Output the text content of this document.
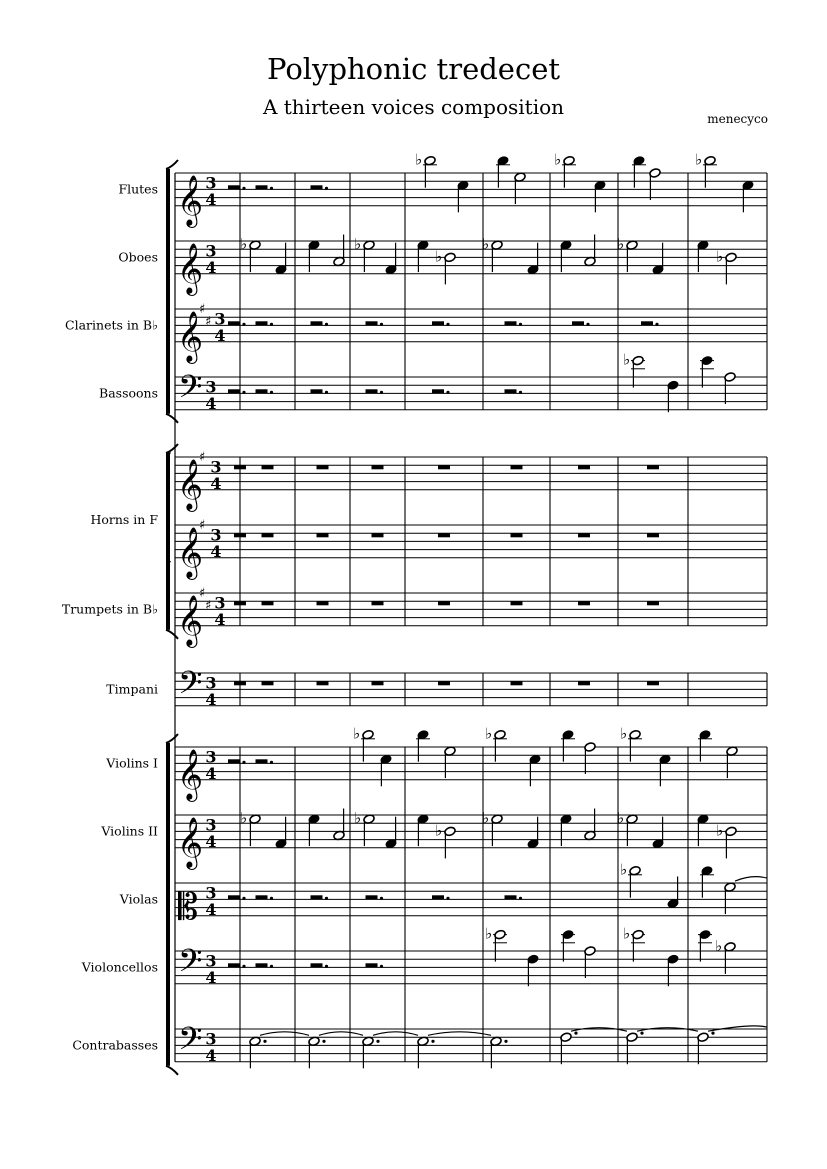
Polyphonic tredecet
A thirteen voices composition	menecyco
Flutes 𝄞 3
4
Oboes 𝄞 3
4
Clarinets in B♭ 𝄞
♯
♯ 3
4
Bassoons 𝄢 3
4
Horns in F
𝄞
♯ 3
4
𝄞
♯ 3
4
Trumpets in B♭ 𝄞
♯
♯ 3
4
Timpani 𝄢 3
4
Violins I 𝄞 3
4
Violins II 𝄞 3
4
Violas 𝄡 3
4
Violoncellos 𝄢 3
4
Contrabasses 𝄢 3
4
♭	♭	♭
♭	♭
♭
♭	♭
♭
♭
♭	♭	♭
♭	♭
♭
♭	♭
♭
♭
♭	♭
♭
